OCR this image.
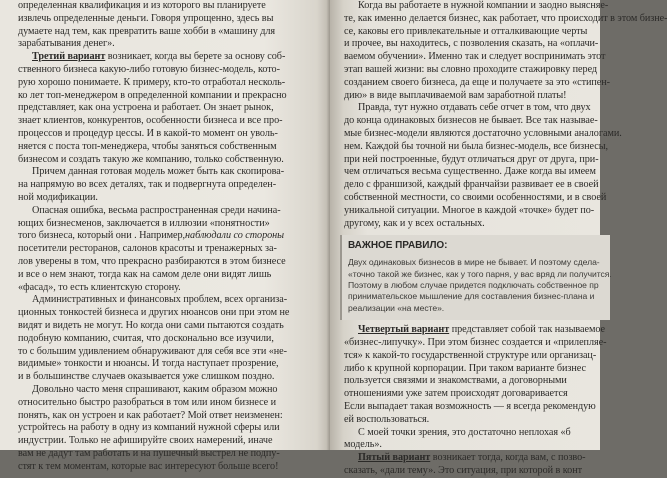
определенная квалификация и из которого вы планируете
извлечь определенные деньги. Говоря упрощенно, здесь вы
думаете над тем, как превратить ваше хобби в «машину для
зарабатывания денег».
Третий вариант возникает, когда вы берете за основу соб-
ственного бизнеса какую-либо готовую бизнес-модель, кото-
рую хорошо понимаете. К примеру, кто-то отработал несколь-
ко лет топ-менеджером в определенной компании и прекрасно
представляет, как она устроена и работает. Он знает рынок,
знает клиентов, конкурентов, особенности бизнеса и все про-
процессов и процедур цессы. И в какой-то момент он уволь-
няется с поста топ-менеджера, чтобы заняться собственным
бизнесом и создать такую же компанию, только собственную.
Причем данная готовая модель может быть как скопирова-
на напрямую во всех деталях, так и подвергнута определен-
ной модификации.
Опасная ошибка, весьма распространенная среди начина-
ющих бизнесменов, заключается в иллюзии «понятности»
того бизнеса, который они . Например,наблюдали со стороны
посетители ресторанов, салонов красоты и тренажерных за-
лов уверены в том, что прекрасно разбираются в этом бизнесе
и все о нем знают, тогда как на самом деле они видят лишь
«фасад», то есть клиентскую сторону.
Административных и финансовых проблем, всех организа-
ционных тонкостей бизнеса и других нюансов они при этом не
видят и видеть не могут. Но когда они сами пытаются создать
подобную компанию, считая, что досконально все изучили,
то с большим удивлением обнаруживают для себя все эти «не-
видимые» тонкости и нюансы. И тогда наступает прозрение,
и в большинстве случаев оказывается уже слишком поздно.
Довольно часто меня спрашивают, каким образом можно
относительно быстро разобраться в том или ином бизнесе и
понять, как он устроен и как работает? Мой ответ неизменен:
устройтесь на работу в одну из компаний нужной сферы или
индустрии. Только не афишируйте своих намерений, иначе
вам не дадут там работать и на пушечный выстрел не подпу-
стят к тем моментам, которые вас интересуют больше всего!
Когда вы работаете в нужной компании и заодно выясняе-
те, как именно делается бизнес, как работает, что происходит в этом бизне-
се, каковы его привлекательные и отталкивающие черты
и прочее, вы находитесь, с позволения сказать, на «оплачи-
ваемом обучении». Именно так и следует воспринимать этот
этап вашей жизни: вы словно проходите стажировку перед
созданием своего бизнеса, да еще и получаете за это «стипен-
дию» в виде выплачиваемой вам заработной платы!
Правда, тут нужно отдавать себе отчет в том, что двух
до конца одинаковых бизнесов не бывает. Все так называе-
мые бизнес-модели являются достаточно условными аналогами.
нем. Каждой бы точной ни была бизнес-модель, все бизнесы,
при ней построенные, будут отличаться друг от друга, при-
чем отличаться весьма существенно. Даже когда вы имеем
дело с франшизой, каждый франчайзи развивает ее в своей
собственной местности, со своими особенностями, и в своей
уникальной ситуации. Многое в каждой «точке» будет по-
другому, как и у всех остальных.
ВАЖНОЕ ПРАВИЛО:
Двух одинаковых бизнесов в мире не бывает. И поэтому сдела-
«точно такой же бизнес, как у того парня, у вас вряд ли получится.
Поэтому в любом случае придется подключать собственное пр
принимательское мышление для составления бизнес-плана и
реализации «на месте».
Четвертый вариант представляет собой так называемое
«бизнес-липучку». При этом бизнес создается и «прилепляе-
тся» к какой-то государственной структуре или организац-
либо к крупной корпорации. При таком варианте бизнес
пользуется связями и знакомствами, а договорными
отношениями уже затем происходят договаривается
Если выпадает такая возможность — я всегда рекомендую
ей воспользоваться.
С моей точки зрения, это достаточно неплохая «б
модель».
Пятый вариант возникает тогда, когда вам, с позво-
сказать, «дали тему». Это ситуация, при которой в конт
